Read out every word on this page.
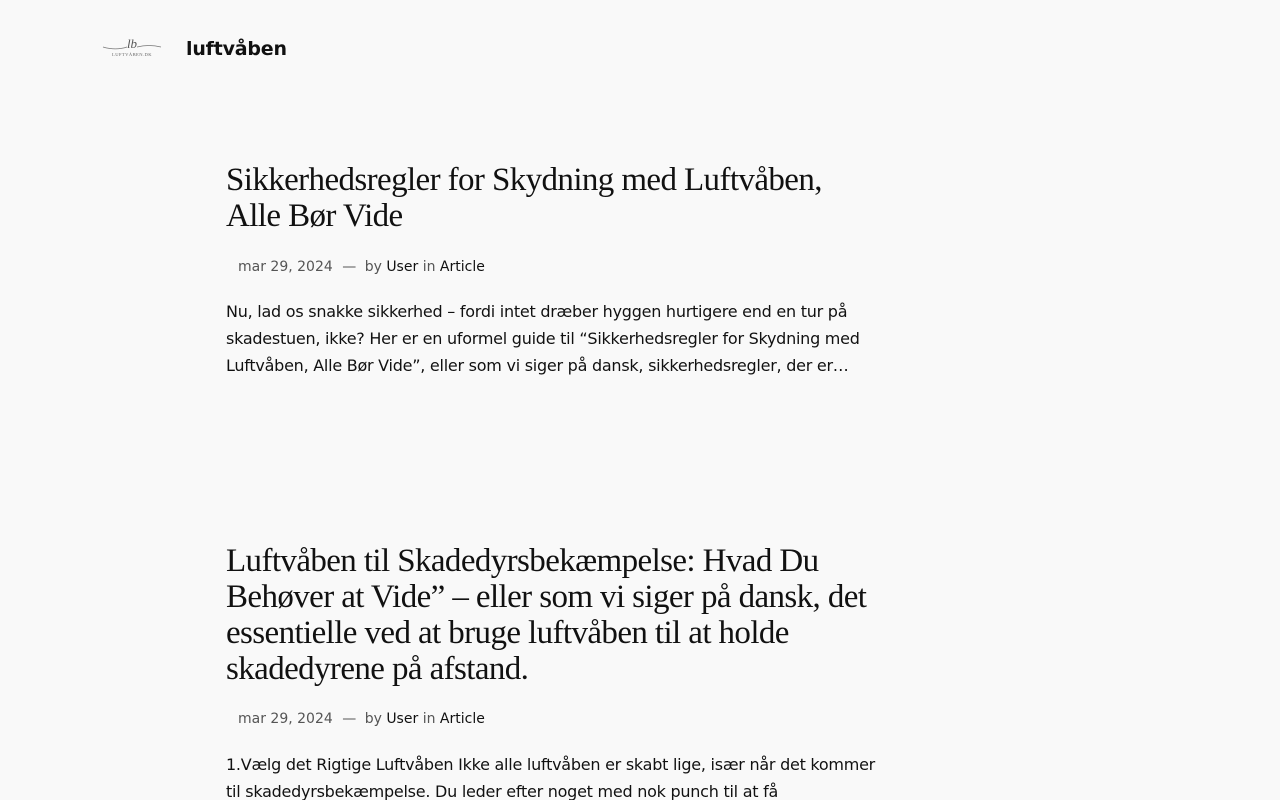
lb
LUFTVÅBEN.DK luftvåben
Sikkerhedsregler for Skydning med Luftvåben, Alle Bør Vide
mar 29, 2024 — by User in Article

Nu, lad os snakke sikkerhed – fordi intet dræber hyggen hurtigere end en tur på skadestuen, ikke? Her er en uformel guide til “Sikkerhedsregler for Skydning med Luftvåben, Alle Bør Vide”, eller som vi siger på dansk, sikkerhedsregler, der er…

Luftvåben til Skadedyrsbekæmpelse: Hvad Du Behøver at Vide” – eller som vi siger på dansk, det essentielle ved at bruge luftvåben til at holde skadedyrene på afstand.
mar 29, 2024 — by User in Article

1.Vælg det Rigtige Luftvåben Ikke alle luftvåben er skabt lige, især når det kommer til skadedyrsbekæmpelse. Du leder efter noget med nok punch til at få
